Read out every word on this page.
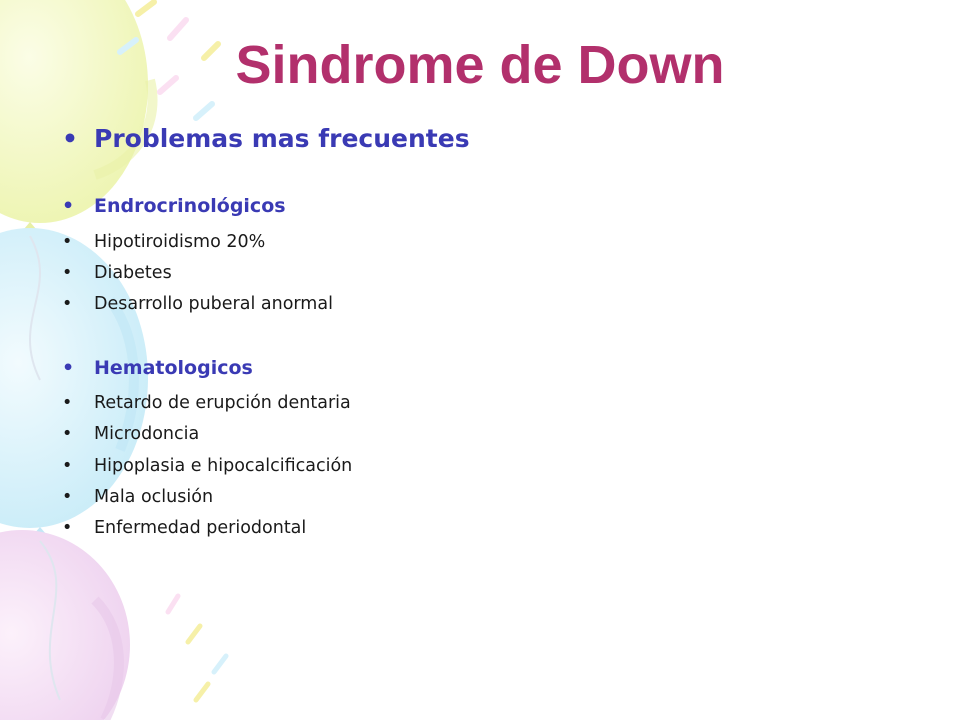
Sindrome de Down
• Problemas mas frecuentes
•	Endrocrinológicos
•	Hipotiroidismo 20%
•	Diabetes
•	Desarrollo puberal anormal
•	Hematologicos
•	Retardo de erupción dentaria
•	Microdoncia
•	Hipoplasia e hipocalcificación
•	Mala oclusión
•	Enfermedad periodontal
